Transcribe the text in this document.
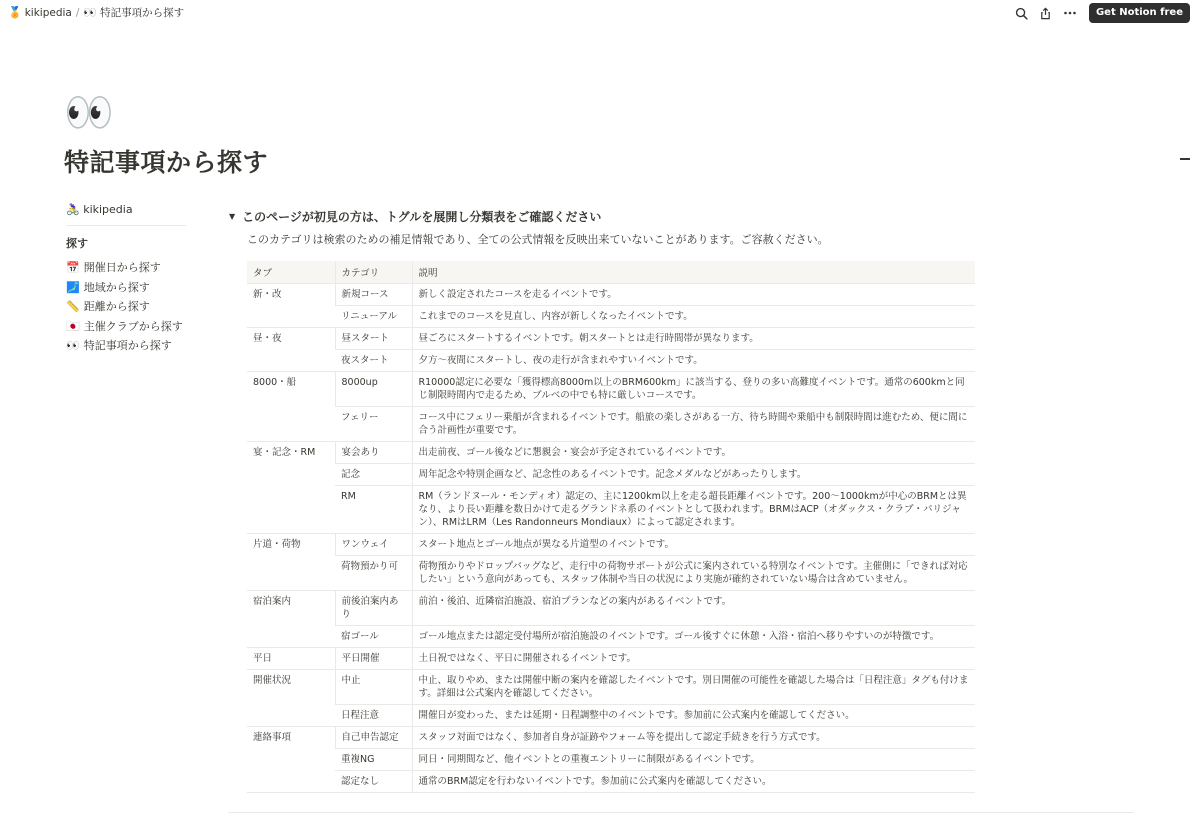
🏅 kikipedia / 👀 特記事項から探す	Get Notion free
👀
特記事項から探す
🚴‍♀️ kikipedia
探す
📅 開催日から探す
🗾 地域から探す
📏 距離から探す
🇯🇵 主催クラブから探す
👀 特記事項から探す
▼ このページが初見の方は、トグルを展開し分類表をご確認ください
このカテゴリは検索のための補足情報であり、全ての公式情報を反映出来ていないことがあります。ご容赦ください。
タブ	カテゴリ	説明
新・改	新規コース	新しく設定されたコースを走るイベントです。
	リニューアル	これまでのコースを見直し、内容が新しくなったイベントです。
昼・夜	昼スタート	昼ごろにスタートするイベントです。朝スタートとは走行時間帯が異なります。
	夜スタート	夕方〜夜間にスタートし、夜の走行が含まれやすいイベントです。
8000・船	8000up	R10000認定に必要な「獲得標高8000m以上のBRM600km」に該当する、登りの多い高難度イベントです。通常の600kmと同じ制限時間内で走るため、ブルベの中でも特に厳しいコースです。
	フェリー	コース中にフェリー乗船が含まれるイベントです。船旅の楽しさがある一方、待ち時間や乗船中も制限時間は進むため、便に間に合う計画性が重要です。
宴・記念・RM	宴会あり	出走前夜、ゴール後などに懇親会・宴会が予定されているイベントです。
	記念	周年記念や特別企画など、記念性のあるイベントです。記念メダルなどがあったりします。
	RM	RM（ランドヌール・モンディオ）認定の、主に1200km以上を走る超長距離イベントです。200〜1000kmが中心のBRMとは異なり、より長い距離を数日かけて走るグランドネ系のイベントとして扱われます。BRMはACP（オダックス・クラブ・パリジャン）、RMはLRM（Les Randonneurs Mondiaux）によって認定されます。
片道・荷物	ワンウェイ	スタート地点とゴール地点が異なる片道型のイベントです。
	荷物預かり可	荷物預かりやドロップバッグなど、走行中の荷物サポートが公式に案内されている特別なイベントです。主催側に「できれば対応したい」という意向があっても、スタッフ体制や当日の状況により実施が確約されていない場合は含めていません。
宿泊案内	前後泊案内あり	前泊・後泊、近隣宿泊施設、宿泊プランなどの案内があるイベントです。
	宿ゴール	ゴール地点または認定受付場所が宿泊施設のイベントです。ゴール後すぐに休憩・入浴・宿泊へ移りやすいのが特徴です。
平日	平日開催	土日祝ではなく、平日に開催されるイベントです。
開催状況	中止	中止、取りやめ、または開催中断の案内を確認したイベントです。別日開催の可能性を確認した場合は「日程注意」タグも付けます。詳細は公式案内を確認してください。
	日程注意	開催日が変わった、または延期・日程調整中のイベントです。参加前に公式案内を確認してください。
連絡事項	自己申告認定	スタッフ対面ではなく、参加者自身が証跡やフォーム等を提出して認定手続きを行う方式です。
	重複NG	同日・同期間など、他イベントとの重複エントリーに制限があるイベントです。
	認定なし	通常のBRM認定を行わないイベントです。参加前に公式案内を確認してください。
